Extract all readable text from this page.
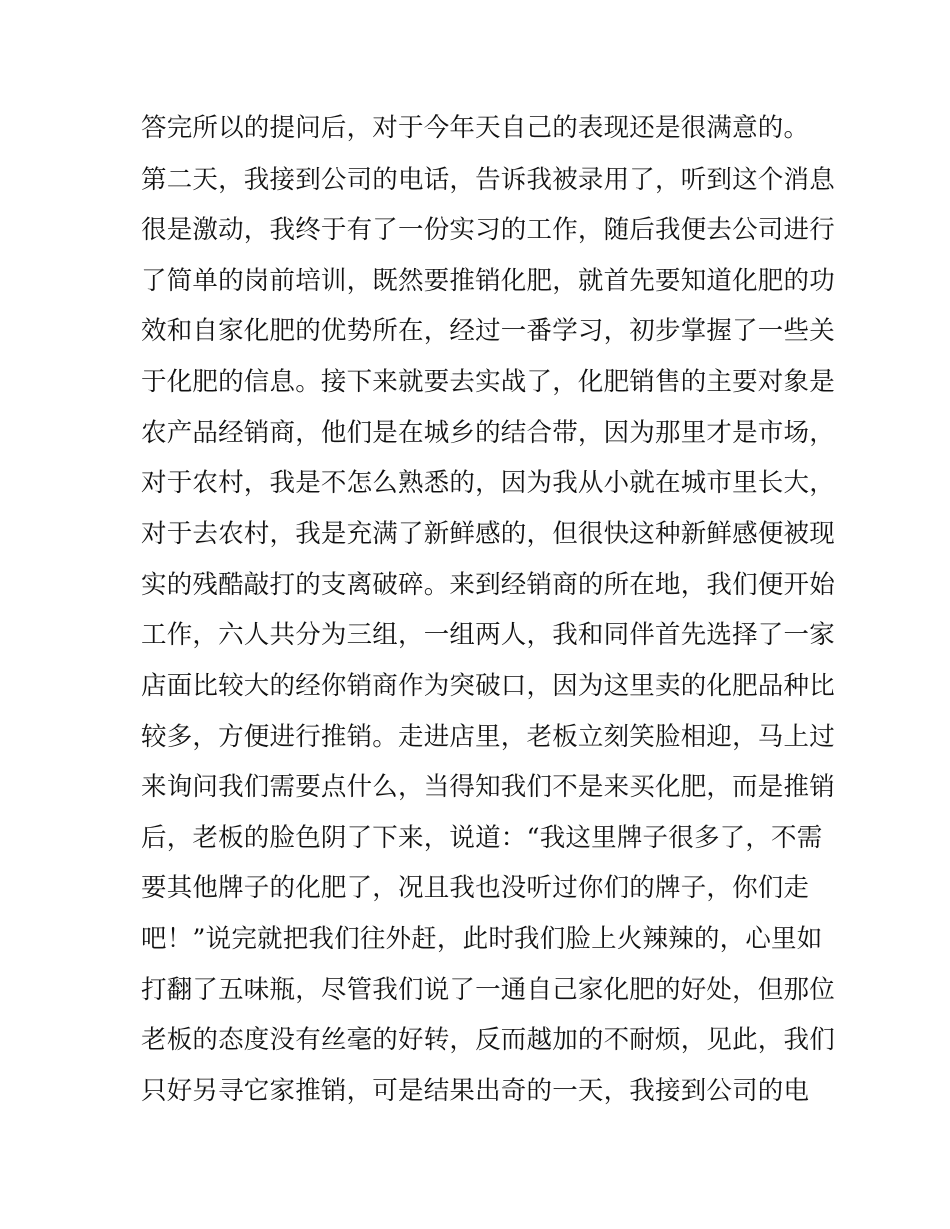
答完所以的提问后，对于今年天自己的表现还是很满意的。
第二天，我接到公司的电话，告诉我被录用了，听到这个消息
很是激动，我终于有了一份实习的工作，随后我便去公司进行
了简单的岗前培训，既然要推销化肥，就首先要知道化肥的功
效和自家化肥的优势所在，经过一番学习，初步掌握了一些关
于化肥的信息。接下来就要去实战了，化肥销售的主要对象是
农产品经销商，他们是在城乡的结合带，因为那里才是市场，
对于农村，我是不怎么熟悉的，因为我从小就在城市里长大，
对于去农村，我是充满了新鲜感的，但很快这种新鲜感便被现
实的残酷敲打的支离破碎。来到经销商的所在地，我们便开始
工作，六人共分为三组，一组两人，我和同伴首先选择了一家
店面比较大的经你销商作为突破口，因为这里卖的化肥品种比
较多，方便进行推销。走进店里，老板立刻笑脸相迎，马上过
来询问我们需要点什么，当得知我们不是来买化肥，而是推销
后，老板的脸色阴了下来，说道：“我这里牌子很多了，不需
要其他牌子的化肥了，况且我也没听过你们的牌子，你们走
吧！”说完就把我们往外赶，此时我们脸上火辣辣的，心里如
打翻了五味瓶，尽管我们说了一通自己家化肥的好处，但那位
老板的态度没有丝毫的好转，反而越加的不耐烦，见此，我们
只好另寻它家推销，可是结果出奇的一天，我接到公司的电
